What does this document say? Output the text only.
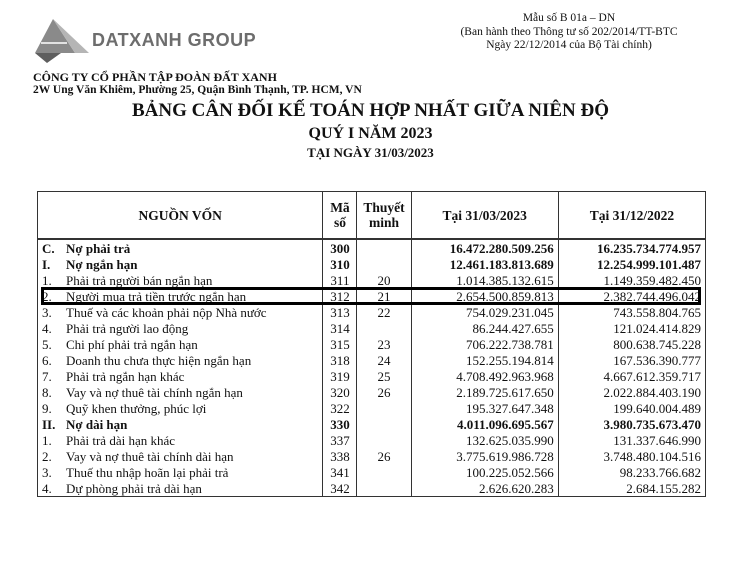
DATXANH GROUP
CÔNG TY CỔ PHẦN TẬP ĐOÀN ĐẤT XANH
2W Ung Văn Khiêm, Phường 25, Quận Bình Thạnh, TP. HCM, VN
Mẫu số B 01a – DN
(Ban hành theo Thông tư số 202/2014/TT-BTC
Ngày 22/12/2014 của Bộ Tài chính)
BẢNG CÂN ĐỐI KẾ TOÁN HỢP NHẤT GIỮA NIÊN ĐỘ
QUÝ I NĂM 2023
TẠI NGÀY 31/03/2023
NGUỒN VỐN	Mã số	Thuyết minh	Tại 31/03/2023	Tại 31/12/2022
C. Nợ phải trả	300		16.472.280.509.256	16.235.734.774.957
I. Nợ ngắn hạn	310		12.461.183.813.689	12.254.999.101.487
1. Phải trả người bán ngắn hạn	311	20	1.014.385.132.615	1.149.359.482.450
2. Người mua trả tiền trước ngắn hạn	312	21	2.654.500.859.813	2.382.744.496.042
3. Thuế và các khoản phải nộp Nhà nước	313	22	754.029.231.045	743.558.804.765
4. Phải trả người lao động	314		86.244.427.655	121.024.414.829
5. Chi phí phải trả ngắn hạn	315	23	706.222.738.781	800.638.745.228
6. Doanh thu chưa thực hiện ngắn hạn	318	24	152.255.194.814	167.536.390.777
7. Phải trả ngắn hạn khác	319	25	4.708.492.963.968	4.667.612.359.717
8. Vay và nợ thuê tài chính ngắn hạn	320	26	2.189.725.617.650	2.022.884.403.190
9. Quỹ khen thưởng, phúc lợi	322		195.327.647.348	199.640.004.489
II. Nợ dài hạn	330		4.011.096.695.567	3.980.735.673.470
1. Phải trả dài hạn khác	337		132.625.035.990	131.337.646.990
2. Vay và nợ thuê tài chính dài hạn	338	26	3.775.619.986.728	3.748.480.104.516
3. Thuế thu nhập hoãn lại phải trả	341		100.225.052.566	98.233.766.682
4. Dự phòng phải trả dài hạn	342		2.626.620.283	2.684.155.282
